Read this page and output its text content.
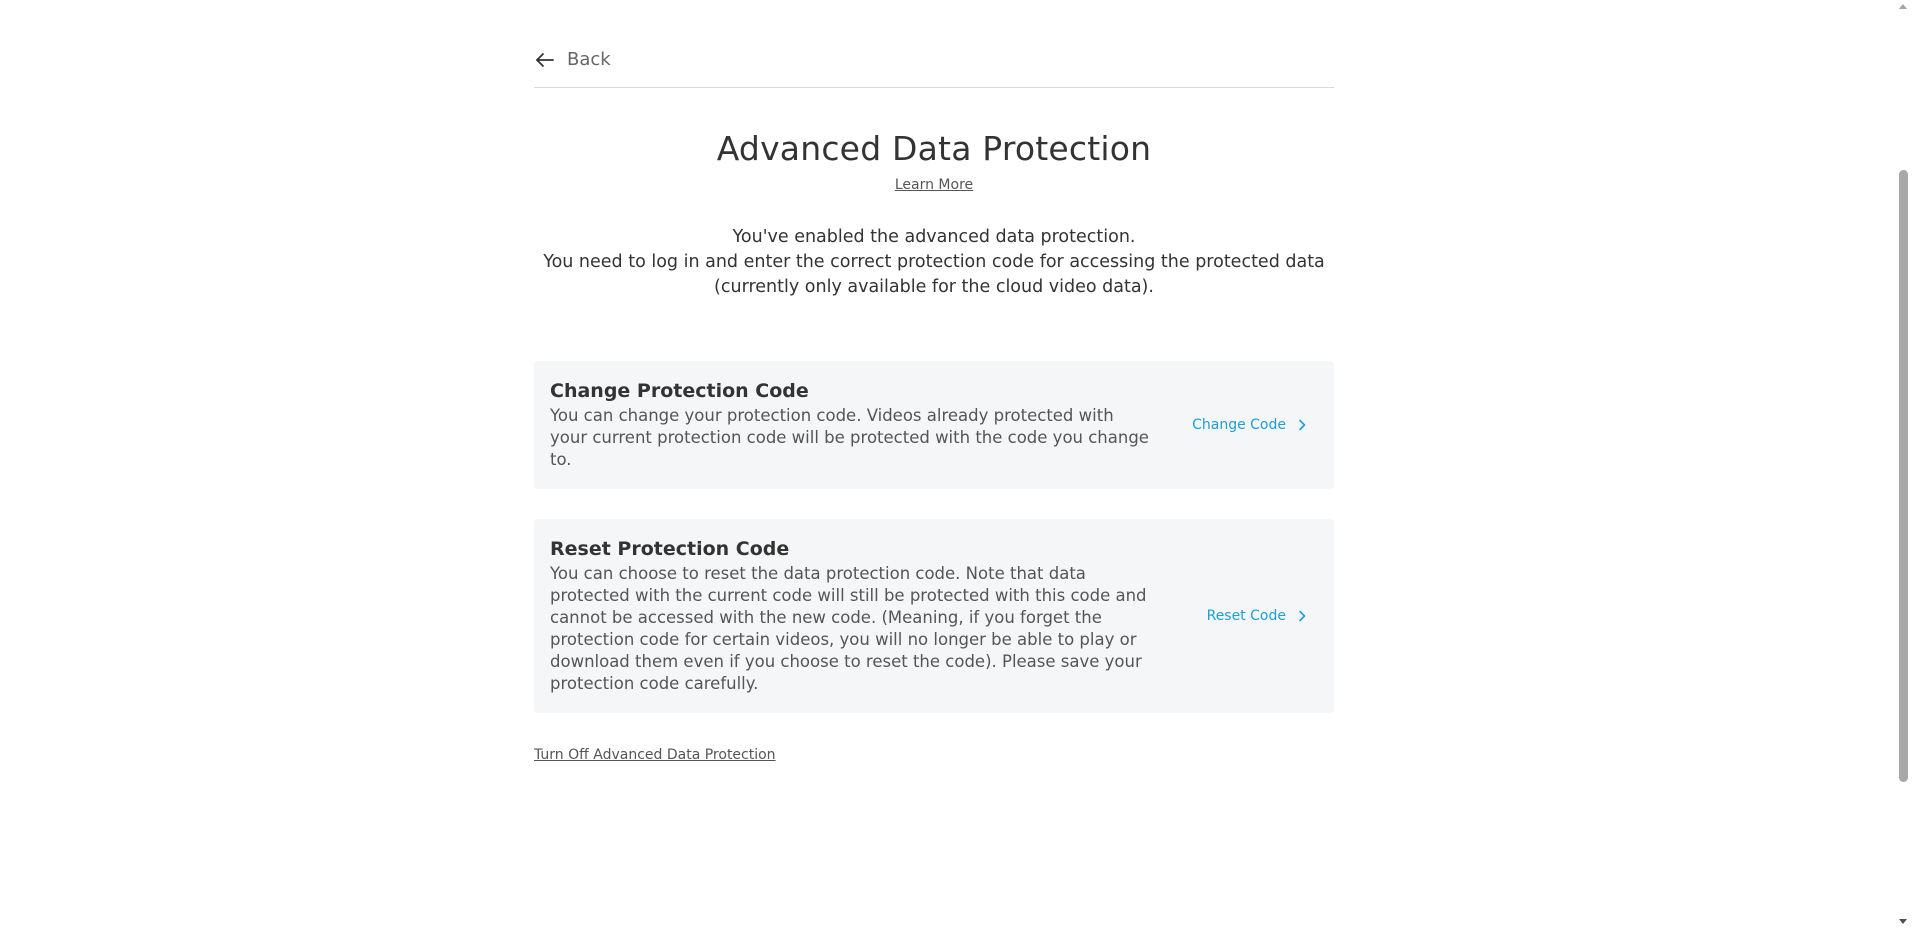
Back
Advanced Data Protection
Learn More
You've enabled the advanced data protection.
You need to log in and enter the correct protection code for accessing the protected data
(currently only available for the cloud video data).
Change Protection Code
You can change your protection code. Videos already protected with your current protection code will be protected with the code you change to.
Change Code
Reset Protection Code
You can choose to reset the data protection code. Note that data protected with the current code will still be protected with this code and cannot be accessed with the new code. (Meaning, if you forget the protection code for certain videos, you will no longer be able to play or download them even if you choose to reset the code). Please save your protection code carefully.
Reset Code
Turn Off Advanced Data Protection
